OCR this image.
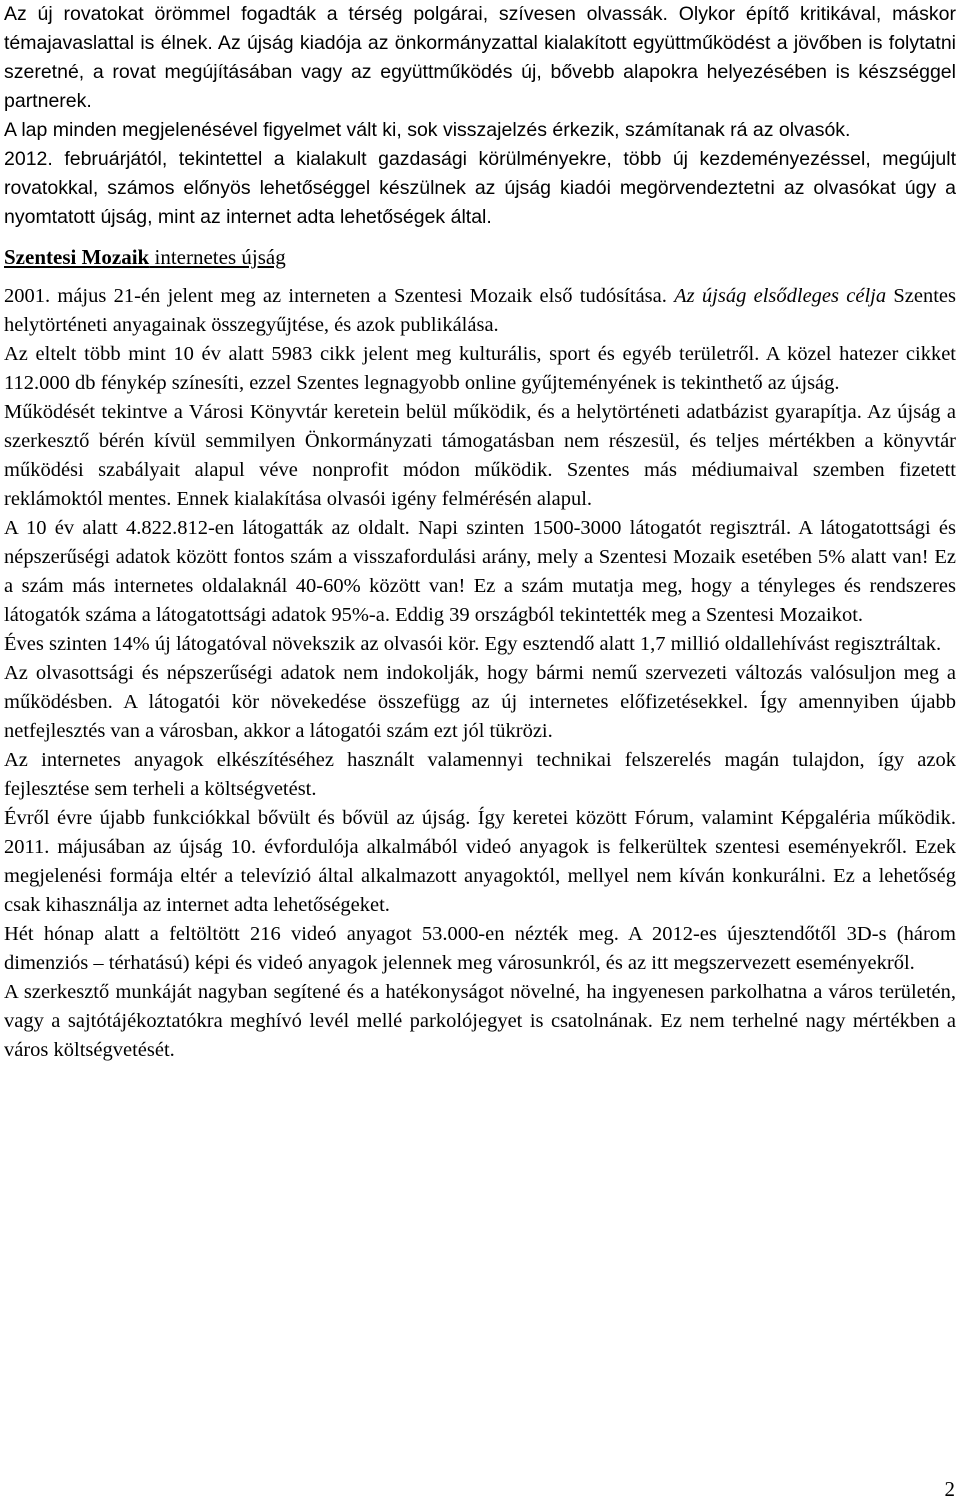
Az új rovatokat örömmel fogadták a térség polgárai, szívesen olvassák. Olykor építő kritikával, máskor témajavaslattal is élnek. Az újság kiadója az önkormányzattal kialakított együttműködést a jövőben is folytatni szeretné, a rovat megújításában vagy az együttműködés új, bővebb alapokra helyezésében is készséggel partnerek.

A lap minden megjelenésével figyelmet vált ki, sok visszajelzés érkezik, számítanak rá az olvasók.

2012. februárjától, tekintettel a kialakult gazdasági körülményekre, több új kezdeményezéssel, megújult rovatokkal, számos előnyös lehetőséggel készülnek az újság kiadói megörvendeztetni az olvasókat úgy a nyomtatott újság, mint az internet adta lehetőségek által.

Szentesi Mozaik internetes újság

2001. május 21-én jelent meg az interneten a Szentesi Mozaik első tudósítása. Az újság elsődleges célja Szentes helytörténeti anyagainak összegyűjtése, és azok publikálása.

Az eltelt több mint 10 év alatt 5983 cikk jelent meg kulturális, sport és egyéb területről. A közel hatezer cikket 112.000 db fénykép színesíti, ezzel Szentes legnagyobb online gyűjteményének is tekinthető az újság.

Működését tekintve a Városi Könyvtár keretein belül működik, és a helytörténeti adatbázist gyarapítja. Az újság a szerkesztő bérén kívül semmilyen Önkormányzati támogatásban nem részesül, és teljes mértékben a könyvtár működési szabályait alapul véve nonprofit módon működik. Szentes más médiumaival szemben fizetett reklámoktól mentes. Ennek kialakítása olvasói igény felmérésén alapul.

A 10 év alatt 4.822.812-en látogatták az oldalt. Napi szinten 1500-3000 látogatót regisztrál. A látogatottsági és népszerűségi adatok között fontos szám a visszafordulási arány, mely a Szentesi Mozaik esetében 5% alatt van! Ez a szám más internetes oldalaknál 40-60% között van! Ez a szám mutatja meg, hogy a tényleges és rendszeres látogatók száma a látogatottsági adatok 95%-a. Eddig 39 országból tekintették meg a Szentesi Mozaikot.

Éves szinten 14% új látogatóval növekszik az olvasói kör. Egy esztendő alatt 1,7 millió oldallehívást regisztráltak.

Az olvasottsági és népszerűségi adatok nem indokolják, hogy bármi nemű szervezeti változás valósuljon meg a működésben. A látogatói kör növekedése összefügg az új internetes előfizetésekkel. Így amennyiben újabb netfejlesztés van a városban, akkor a látogatói szám ezt jól tükrözi.

Az internetes anyagok elkészítéséhez használt valamennyi technikai felszerelés magán tulajdon, így azok fejlesztése sem terheli a költségvetést.

Évről évre újabb funkciókkal bővült és bővül az újság. Így keretei között Fórum, valamint Képgaléria működik. 2011. májusában az újság 10. évfordulója alkalmából videó anyagok is felkerültek szentesi eseményekről. Ezek megjelenési formája eltér a televízió által alkalmazott anyagoktól, mellyel nem kíván konkurálni. Ez a lehetőség csak kihasználja az internet adta lehetőségeket.

Hét hónap alatt a feltöltött 216 videó anyagot 53.000-en nézték meg. A 2012-es újesztendőtől 3D-s (három dimenziós – térhatású) képi és videó anyagok jelennek meg városunkról, és az itt megszervezett eseményekről.

A szerkesztő munkáját nagyban segítené és a hatékonyságot növelné, ha ingyenesen parkolhatna a város területén, vagy a sajtótájékoztatókra meghívó levél mellé parkolójegyet is csatolnának. Ez nem terhelné nagy mértékben a város költségvetését.

2
